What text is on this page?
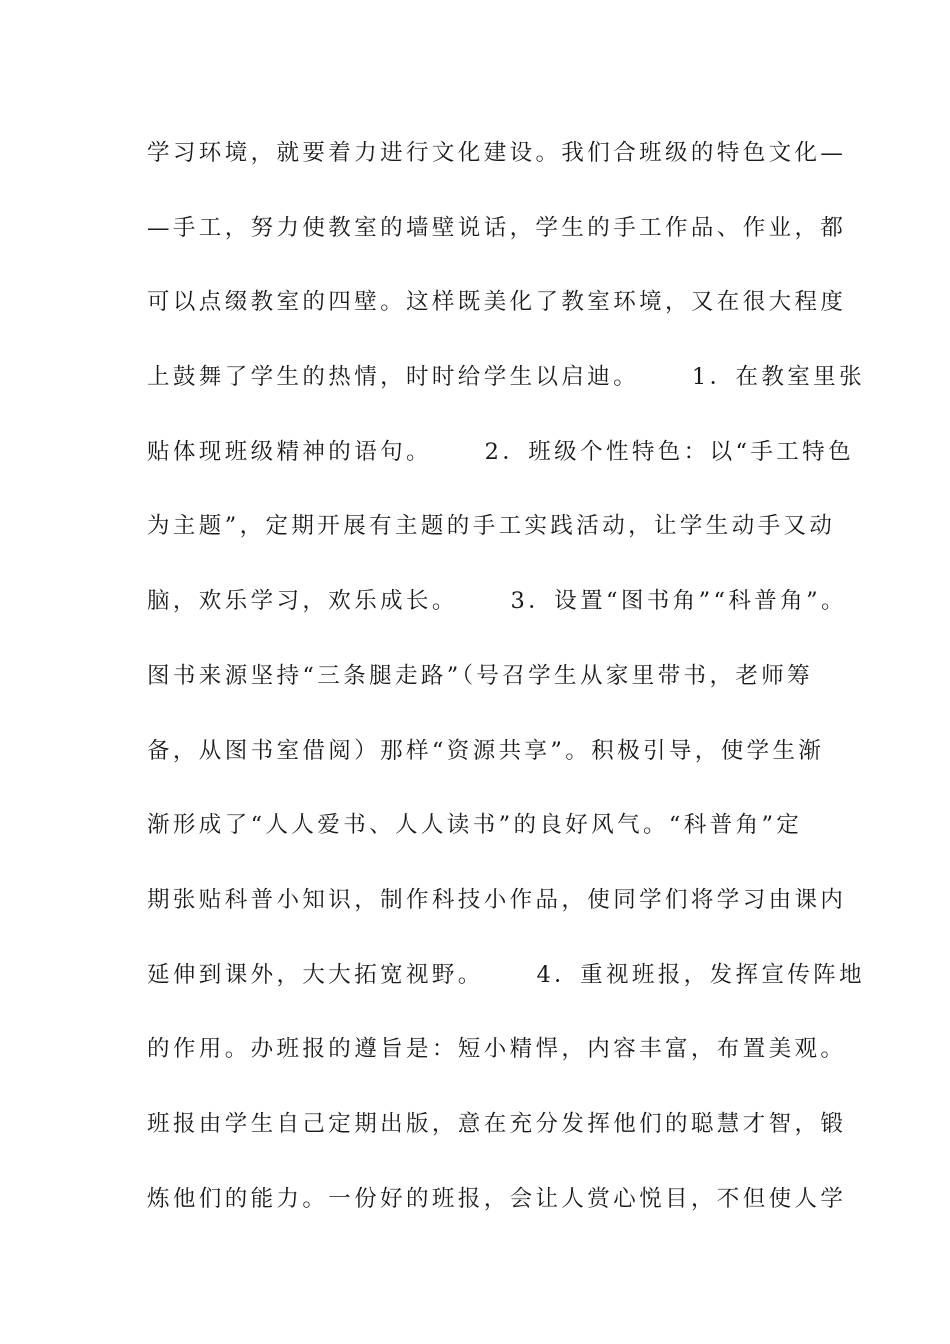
学习环境，就要着力进行文化建设。我们合班级的特色文化—
—手工，努力使教室的墙壁说话，学生的手工作品、作业，都
可以点缀教室的四壁。这样既美化了教室环境，又在很大程度
上鼓舞了学生的热情，时时给学生以启迪。     1．在教室里张
贴体现班级精神的语句。     2．班级个性特色：以“手工特色
为主题”，定期开展有主题的手工实践活动，让学生动手又动
脑，欢乐学习，欢乐成长。     3．设置“图书角”“科普角”。
图书来源坚持“三条腿走路”（号召学生从家里带书，老师筹
备，从图书室借阅）那样“资源共享”。积极引导，使学生渐
渐形成了“人人爱书、人人读书”的良好风气。“科普角”定
期张贴科普小知识，制作科技小作品，使同学们将学习由课内
延伸到课外，大大拓宽视野。     4．重视班报，发挥宣传阵地
的作用。办班报的遵旨是：短小精悍，内容丰富，布置美观。
班报由学生自己定期出版，意在充分发挥他们的聪慧才智，锻
炼他们的能力。一份好的班报，会让人赏心悦目，不但使人学
